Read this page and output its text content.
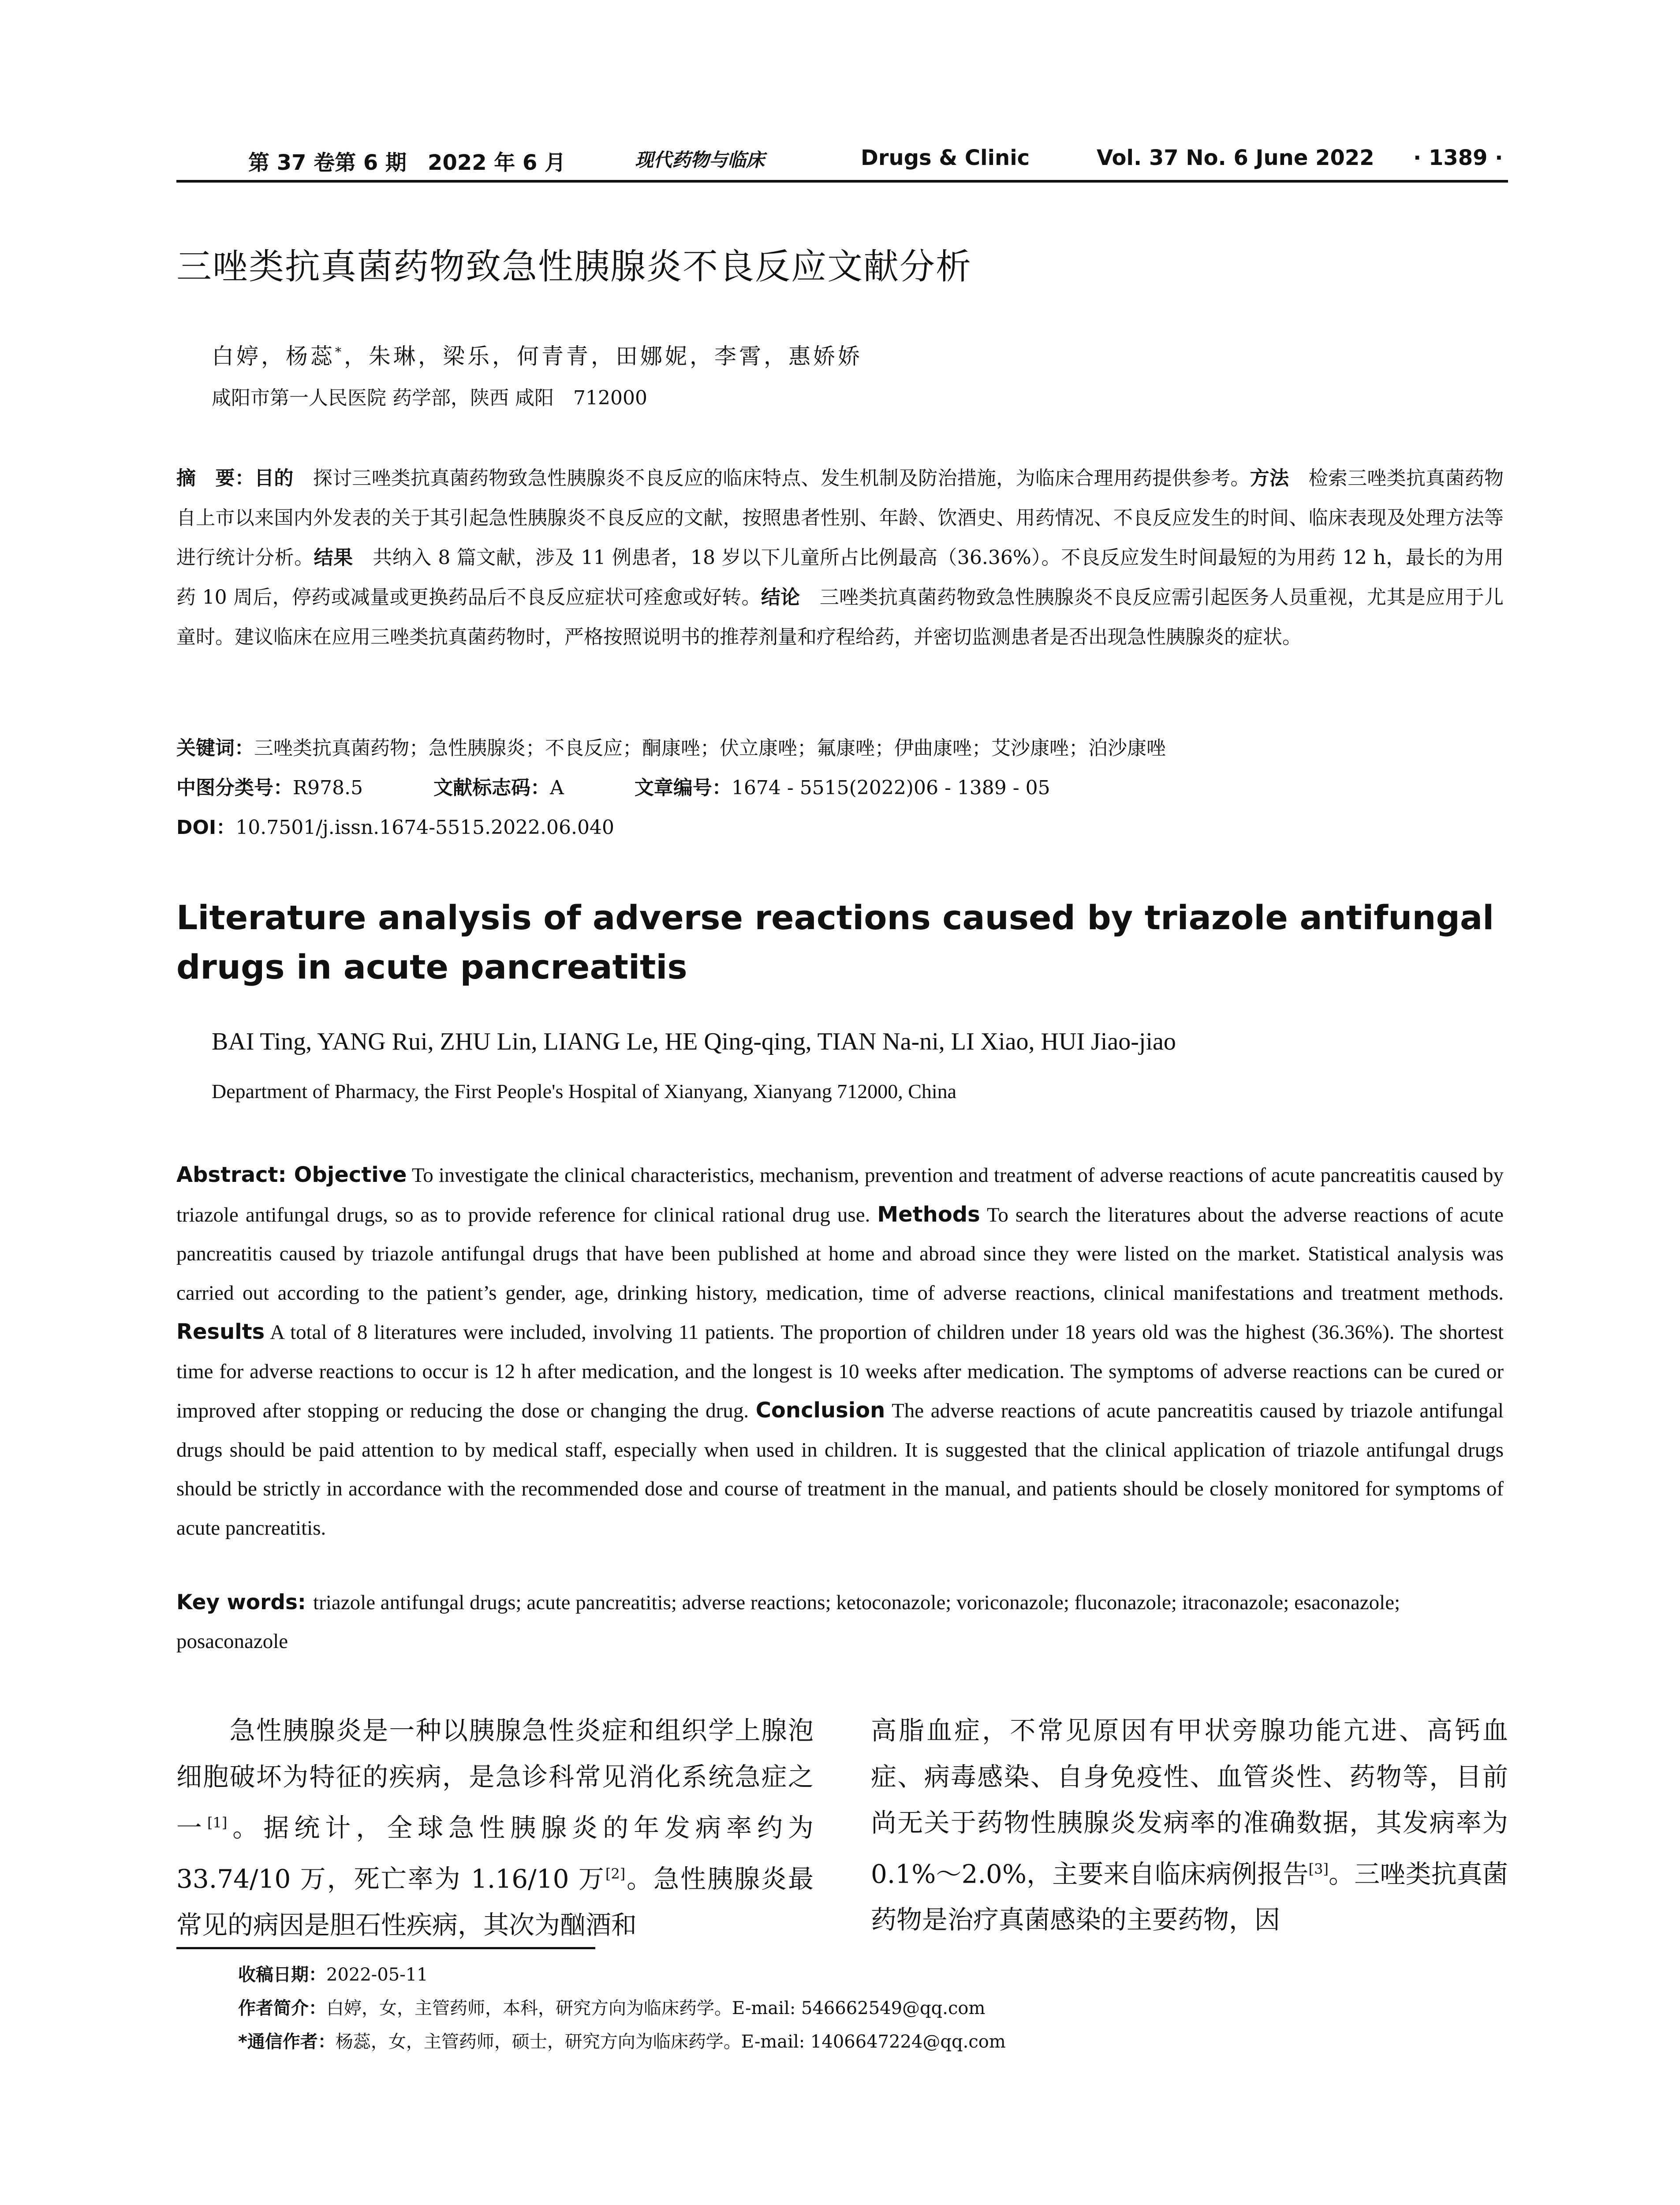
第 37 卷第 6 期　2022 年 6 月	现代药物与临床	Drugs & Clinic	Vol. 37 No. 6 June 2022 · 1389 ·
三唑类抗真菌药物致急性胰腺炎不良反应文献分析
白婷，杨蕊*，朱琳，梁乐，何青青，田娜妮，李霄，惠娇娇
咸阳市第一人民医院 药学部，陕西 咸阳　712000
摘　要：目的　探讨三唑类抗真菌药物致急性胰腺炎不良反应的临床特点、发生机制及防治措施，为临床合理用药提供参考。方法　检索三唑类抗真菌药物自上市以来国内外发表的关于其引起急性胰腺炎不良反应的文献，按照患者性别、年龄、饮酒史、用药情况、不良反应发生的时间、临床表现及处理方法等进行统计分析。结果　共纳入 8 篇文献，涉及 11 例患者，18 岁以下儿童所占比例最高（36.36%）。不良反应发生时间最短的为用药 12 h，最长的为用药 10 周后，停药或减量或更换药品后不良反应症状可痊愈或好转。结论　三唑类抗真菌药物致急性胰腺炎不良反应需引起医务人员重视，尤其是应用于儿童时。建议临床在应用三唑类抗真菌药物时，严格按照说明书的推荐剂量和疗程给药，并密切监测患者是否出现急性胰腺炎的症状。
关键词：三唑类抗真菌药物；急性胰腺炎；不良反应；酮康唑；伏立康唑；氟康唑；伊曲康唑；艾沙康唑；泊沙康唑
中图分类号：R978.5	文献标志码：A	文章编号：1674 - 5515(2022)06 - 1389 - 05
DOI：10.7501/j.issn.1674-5515.2022.06.040
Literature analysis of adverse reactions caused by triazole antifungal drugs in acute pancreatitis
BAI Ting, YANG Rui, ZHU Lin, LIANG Le, HE Qing-qing, TIAN Na-ni, LI Xiao, HUI Jiao-jiao
Department of Pharmacy, the First People's Hospital of Xianyang, Xianyang 712000, China
Abstract: Objective To investigate the clinical characteristics, mechanism, prevention and treatment of adverse reactions of acute pancreatitis caused by triazole antifungal drugs, so as to provide reference for clinical rational drug use. Methods To search the literatures about the adverse reactions of acute pancreatitis caused by triazole antifungal drugs that have been published at home and abroad since they were listed on the market. Statistical analysis was carried out according to the patient’s gender, age, drinking history, medication, time of adverse reactions, clinical manifestations and treatment methods. Results A total of 8 literatures were included, involving 11 patients. The proportion of children under 18 years old was the highest (36.36%). The shortest time for adverse reactions to occur is 12 h after medication, and the longest is 10 weeks after medication. The symptoms of adverse reactions can be cured or improved after stopping or reducing the dose or changing the drug. Conclusion The adverse reactions of acute pancreatitis caused by triazole antifungal drugs should be paid attention to by medical staff, especially when used in children. It is suggested that the clinical application of triazole antifungal drugs should be strictly in accordance with the recommended dose and course of treatment in the manual, and patients should be closely monitored for symptoms of acute pancreatitis.
Key words: triazole antifungal drugs; acute pancreatitis; adverse reactions; ketoconazole; voriconazole; fluconazole; itraconazole; esaconazole; posaconazole
　　急性胰腺炎是一种以胰腺急性炎症和组织学上腺泡细胞破坏为特征的疾病，是急诊科常见消化系统急症之一[1]。据统计，全球急性胰腺炎的年发病率约为 33.74/10 万，死亡率为 1.16/10 万[2]。急性胰腺炎最常见的病因是胆石性疾病，其次为酗酒和
高脂血症，不常见原因有甲状旁腺功能亢进、高钙血症、病毒感染、自身免疫性、血管炎性、药物等，目前尚无关于药物性胰腺炎发病率的准确数据，其发病率为 0.1%～2.0%，主要来自临床病例报告[3]。三唑类抗真菌药物是治疗真菌感染的主要药物，因
收稿日期：2022-05-11
作者简介：白婷，女，主管药师，本科，研究方向为临床药学。E-mail: 546662549@qq.com
*通信作者：杨蕊，女，主管药师，硕士，研究方向为临床药学。E-mail: 1406647224@qq.com
